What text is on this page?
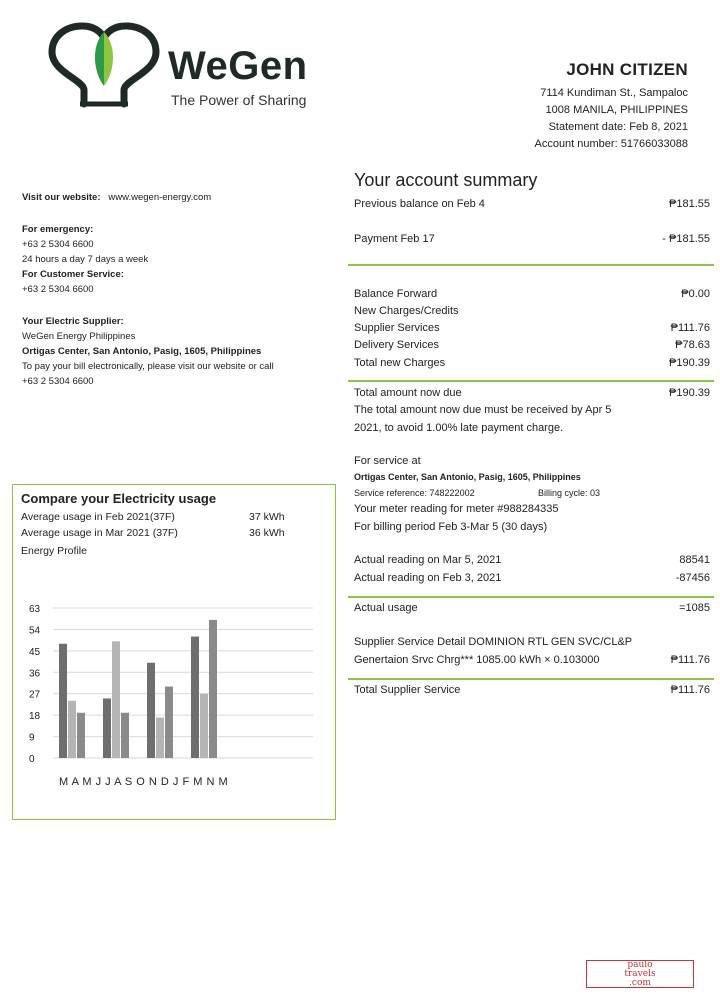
WeGen
The Power of Sharing
JOHN CITIZEN
7114 Kundiman St., Sampaloc
1008 MANILA, PHILIPPINES
Statement date: Feb 8, 2021
Account number: 51766033088
Visit our website: www.wegen-energy.com
For emergency:
+63 2 5304 6600
24 hours a day 7 days a week
For Customer Service:
+63 2 5304 6600
Your Electric Supplier:
WeGen Energy Philippines
Ortigas Center, San Antonio, Pasig, 1605, Philippines
To pay your bill electronically, please visit our website or call
+63 2 5304 6600
Your account summary
Previous balance on Feb 4	₱181.55
Payment Feb 17	- ₱181.55
Balance Forward	₱0.00
New Charges/Credits
Supplier Services	₱111.76
Delivery Services	₱78.63
Total new Charges	₱190.39
Total amount now due	₱190.39
The total amount now due must be received by Apr 5
2021, to avoid 1.00% late payment charge.
For service at
Ortigas Center, San Antonio, Pasig, 1605, Philippines
Service reference: 748222002	Billing cycle: 03
Your meter reading for meter #988284335
For billing period Feb 3-Mar 5 (30 days)
Actual reading on Mar 5, 2021	88541
Actual reading on Feb 3, 2021	-87456
Actual usage	=1085
Supplier Service Detail DOMINION RTL GEN SVC/CL&P
Genertaion Srvc Chrg*** 1085.00 kWh × 0.103000	₱111.76
Total Supplier Service	₱111.76
Compare your Electricity usage
Average usage in Feb 2021(37F)	37 kWh
Average usage in Mar 2021 (37F)	36 kWh
Energy Profile
0
9
18
27
36
45
54
63
M A M J J A S O N D J F M N M
paulo
travels
.com
